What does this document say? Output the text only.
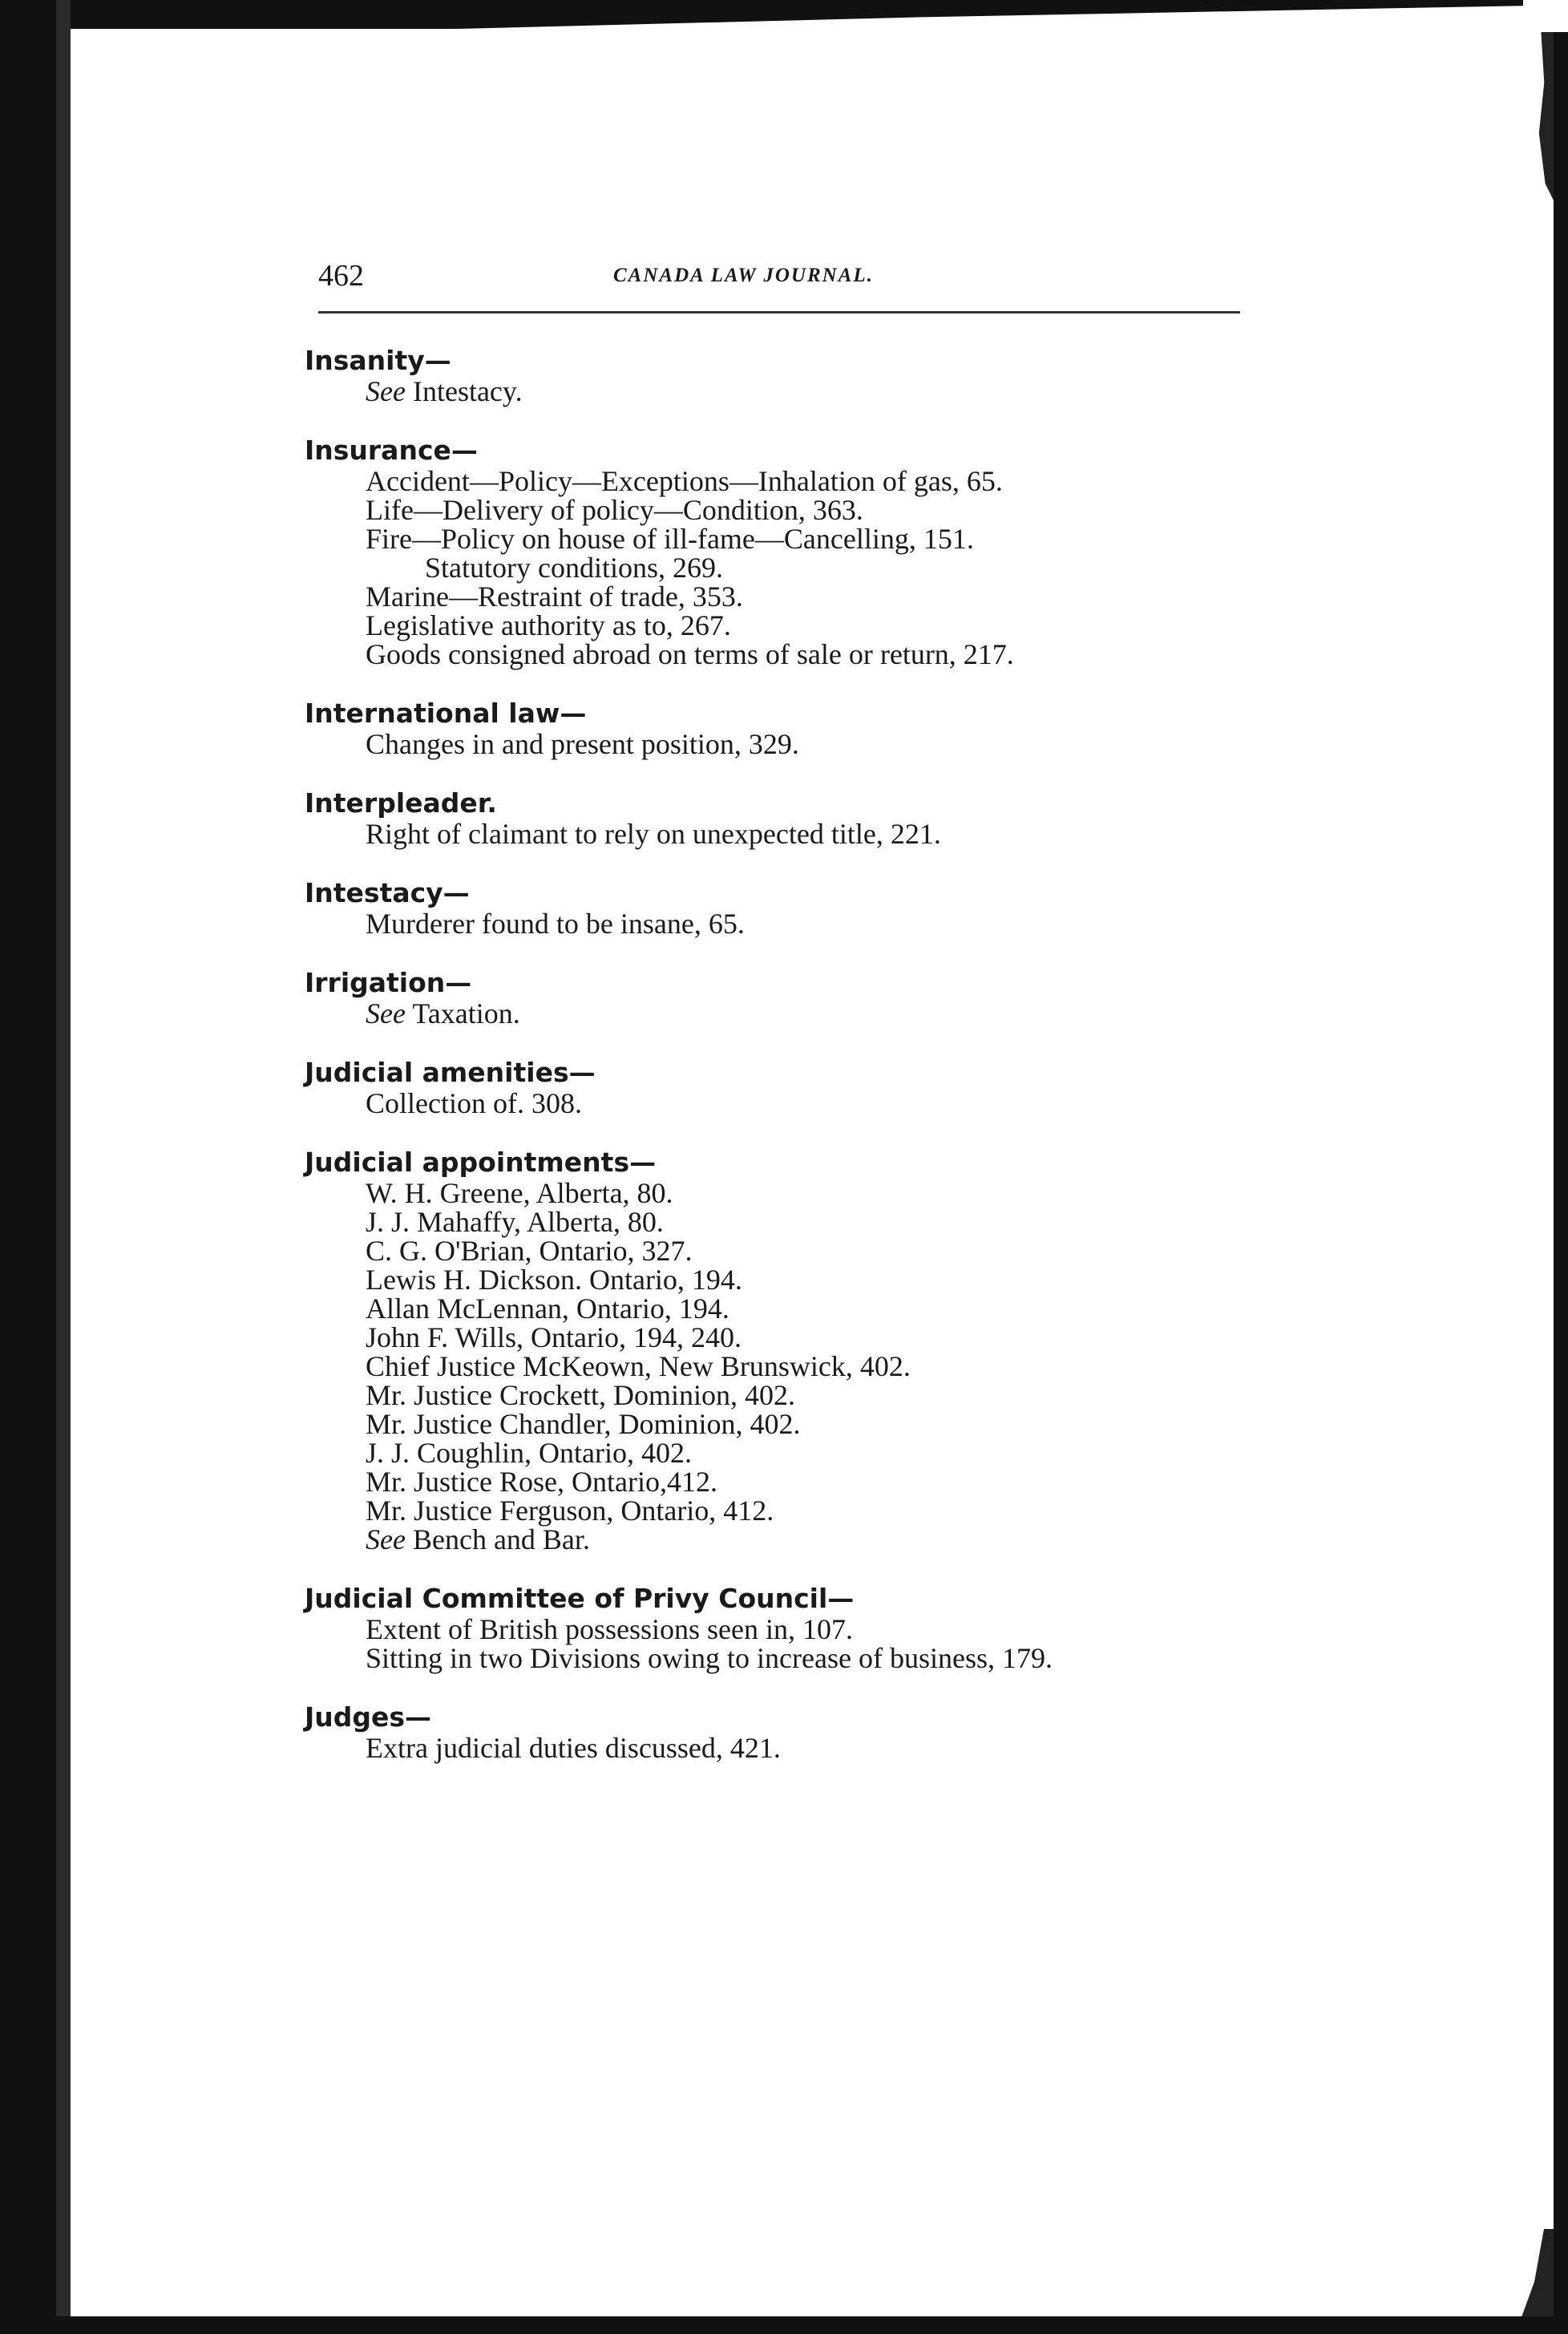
462	CANADA LAW JOURNAL.
Insanity—
See Intestacy.
Insurance—
Accident—Policy—Exceptions—Inhalation of gas, 65.
Life—Delivery of policy—Condition, 363.
Fire—Policy on house of ill-fame—Cancelling, 151.
Statutory conditions, 269.
Marine—Restraint of trade, 353.
Legislative authority as to, 267.
Goods consigned abroad on terms of sale or return, 217.
International law—
Changes in and present position, 329.
Interpleader.
Right of claimant to rely on unexpected title, 221.
Intestacy—
Murderer found to be insane, 65.
Irrigation—
See Taxation.
Judicial amenities—
Collection of. 308.
Judicial appointments—
W. H. Greene, Alberta, 80.
J. J. Mahaffy, Alberta, 80.
C. G. O'Brian, Ontario, 327.
Lewis H. Dickson. Ontario, 194.
Allan McLennan, Ontario, 194.
John F. Wills, Ontario, 194, 240.
Chief Justice McKeown, New Brunswick, 402.
Mr. Justice Crockett, Dominion, 402.
Mr. Justice Chandler, Dominion, 402.
J. J. Coughlin, Ontario, 402.
Mr. Justice Rose, Ontario,412.
Mr. Justice Ferguson, Ontario, 412.
See Bench and Bar.
Judicial Committee of Privy Council—
Extent of British possessions seen in, 107.
Sitting in two Divisions owing to increase of business, 179.
Judges—
Extra judicial duties discussed, 421.
